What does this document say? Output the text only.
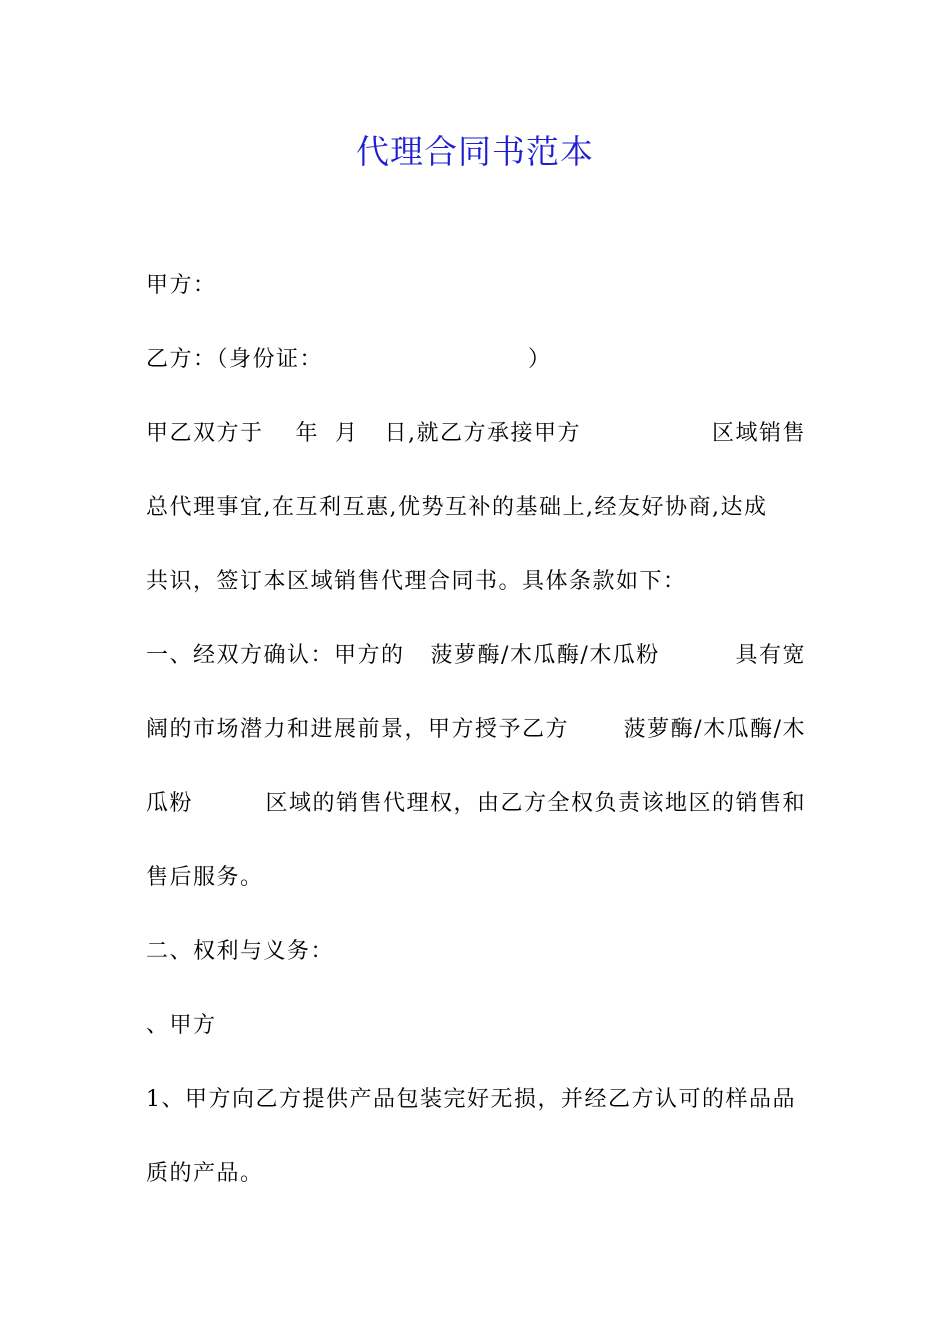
代理合同书范本
甲方：
乙方：（身份证：	）
甲乙双方于 年 月 日,就乙方承接甲方	区域销售
总代理事宜,在互利互惠,优势互补的基础上,经友好协商,达成
共识，签订本区域销售代理合同书。具体条款如下：
一、经双方确认：甲方的 菠萝酶/木瓜酶/木瓜粉	具有宽
阔的市场潜力和进展前景，甲方授予乙方 菠萝酶/木瓜酶/木
瓜粉	区域的销售代理权，由乙方全权负责该地区的销售和
售后服务。
二、权利与义务：
、甲方
1、甲方向乙方提供产品包装完好无损，并经乙方认可的样品品
质的产品。
